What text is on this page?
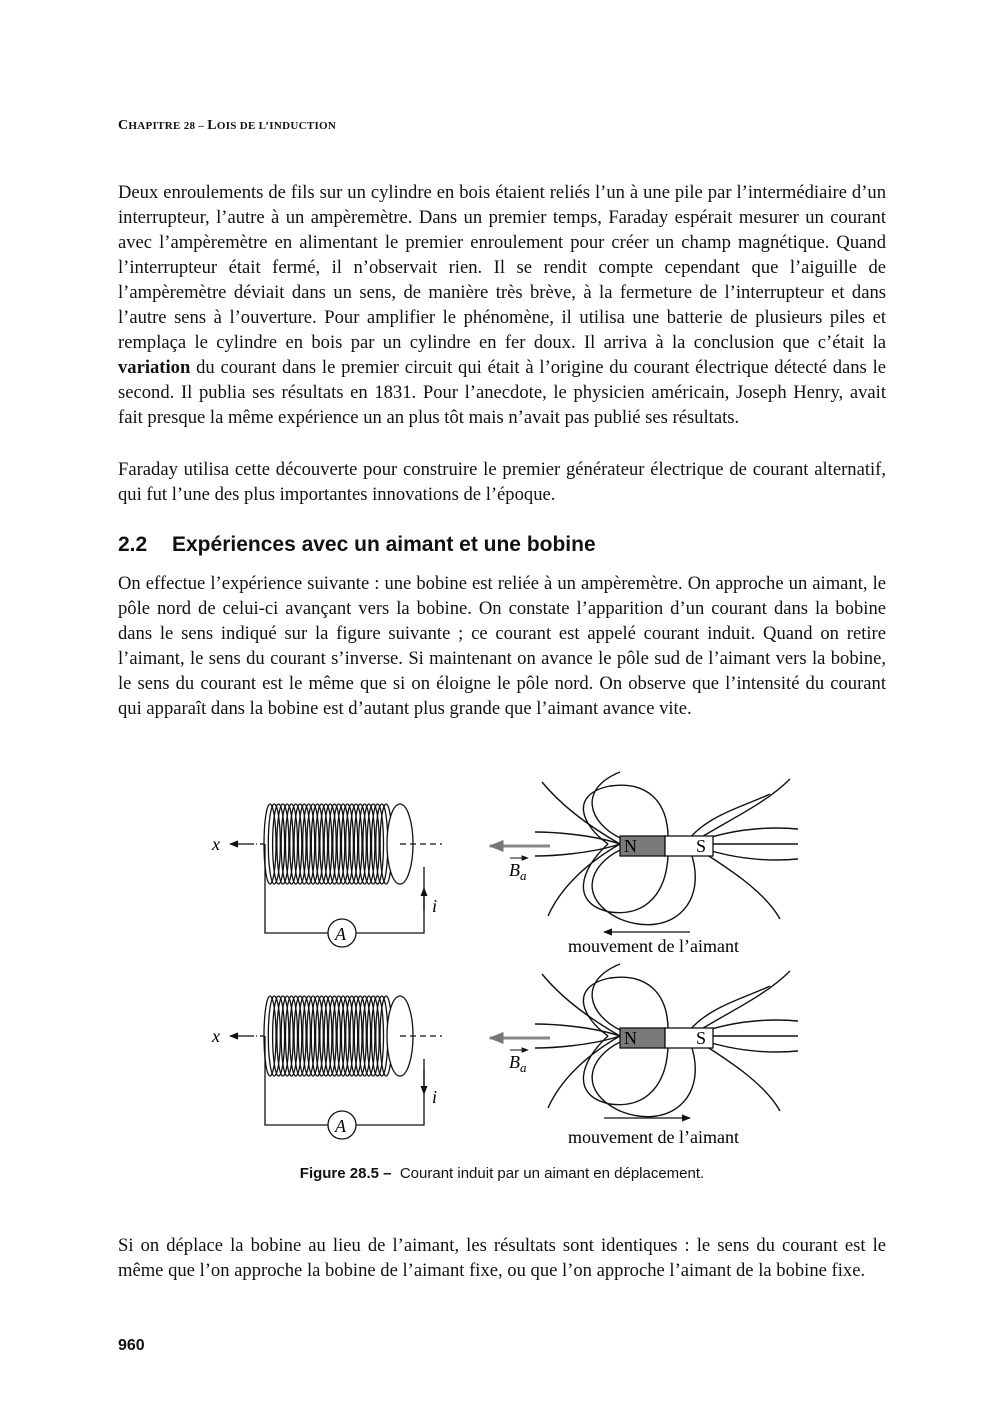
CHAPITRE 28 – LOIS DE L’INDUCTION

Deux enroulements de fils sur un cylindre en bois étaient reliés l’un à une pile par l’intermédiaire d’un interrupteur, l’autre à un ampèremètre. Dans un premier temps, Faraday espérait mesurer un courant avec l’ampèremètre en alimentant le premier enroulement pour créer un champ magnétique. Quand l’interrupteur était fermé, il n’observait rien. Il se rendit compte cependant que l’aiguille de l’ampèremètre déviait dans un sens, de manière très brève, à la fermeture de l’interrupteur et dans l’autre sens à l’ouverture. Pour amplifier le phénomène, il utilisa une batterie de plusieurs piles et remplaça le cylindre en bois par un cylindre en fer doux. Il arriva à la conclusion que c’était la variation du courant dans le premier circuit qui était à l’origine du courant électrique détecté dans le second. Il publia ses résultats en 1831. Pour l’anecdote, le physicien américain, Joseph Henry, avait fait presque la même expérience un an plus tôt mais n’avait pas publié ses résultats.

Faraday utilisa cette découverte pour construire le premier générateur électrique de courant alternatif, qui fut l’une des plus importantes innovations de l’époque.

2.2 Expériences avec un aimant et une bobine

On effectue l’expérience suivante : une bobine est reliée à un ampèremètre. On approche un aimant, le pôle nord de celui-ci avançant vers la bobine. On constate l’apparition d’un courant dans la bobine dans le sens indiqué sur la figure suivante ; ce courant est appelé courant induit. Quand on retire l’aimant, le sens du courant s’inverse. Si maintenant on avance le pôle sud de l’aimant vers la bobine, le sens du courant est le même que si on éloigne le pôle nord. On observe que l’intensité du courant qui apparaît dans la bobine est d’autant plus grande que l’aimant avance vite.

x
i
A
N	S
$B_a$
mouvement de l’aimant
x
i
A
N	S
$B_a$
mouvement de l’aimant
Figure 28.5 – Courant induit par un aimant en déplacement.

Si on déplace la bobine au lieu de l’aimant, les résultats sont identiques : le sens du courant est le même que l’on approche la bobine de l’aimant fixe, ou que l’on approche l’aimant de la bobine fixe.

960
